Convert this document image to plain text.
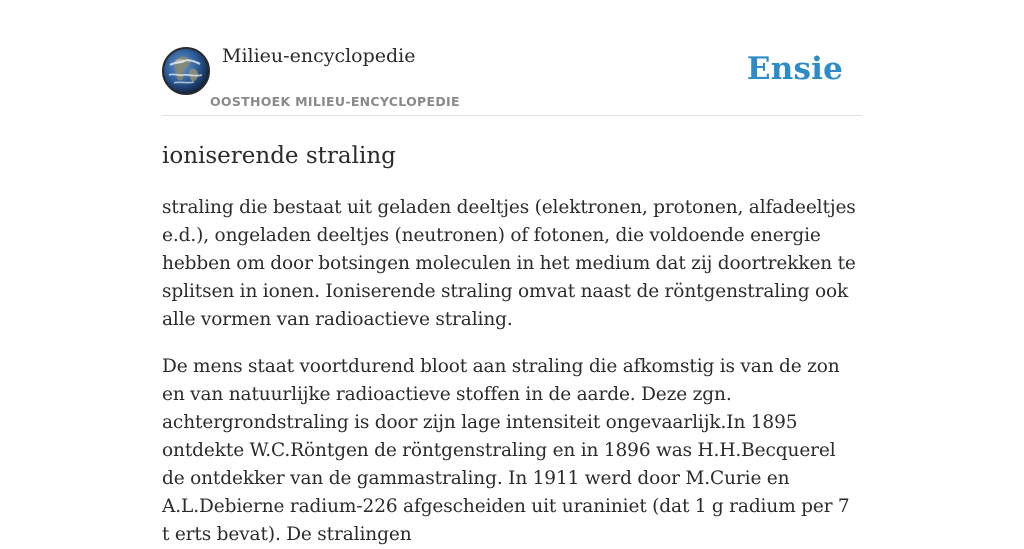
Milieu-encyclopedie
OOSTHOEK MILIEU-ENCYCLOPEDIE
Ensie
ioniserende straling

straling die bestaat uit geladen deeltjes (elektronen, protonen, alfadeeltjes e.d.), ongeladen deeltjes (neutronen) of fotonen, die voldoende energie hebben om door botsingen moleculen in het medium dat zij doortrekken te splitsen in ionen. Ioniserende straling omvat naast de röntgenstraling ook alle vormen van radioactieve straling.

De mens staat voortdurend bloot aan straling die afkomstig is van de zon en van natuurlijke radioactieve stoffen in de aarde. Deze zgn. achtergrondstraling is door zijn lage intensiteit ongevaarlijk.In 1895 ontdekte W.C.Röntgen de röntgenstraling en in 1896 was H.H.Becquerel de ontdekker van de gammastraling. In 1911 werd door M.Curie en A.L.Debierne radium-226 afgescheiden uit uraniniet (dat 1 g radium per 7 t erts bevat). De stralingen
